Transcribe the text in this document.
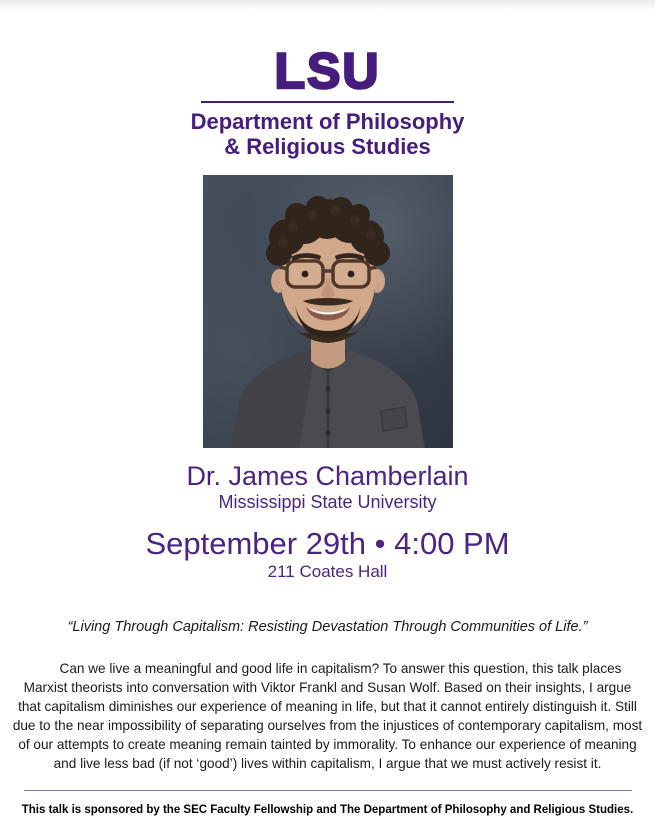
LSU
Department of Philosophy
& Religious Studies
Dr. James Chamberlain
Mississippi State University
September 29th • 4:00 PM
211 Coates Hall
“Living Through Capitalism: Resisting Devastation Through Communities of Life.”

Can we live a meaningful and good life in capitalism? To answer this question, this talk places Marxist theorists into conversation with Viktor Frankl and Susan Wolf. Based on their insights, I argue that capitalism diminishes our experience of meaning in life, but that it cannot entirely distinguish it. Still due to the near impossibility of separating ourselves from the injustices of contemporary capitalism, most of our attempts to create meaning remain tainted by immorality. To enhance our experience of meaning and live less bad (if not ‘good’) lives within capitalism, I argue that we must actively resist it.

This talk is sponsored by the SEC Faculty Fellowship and The Department of Philosophy and Religious Studies.
